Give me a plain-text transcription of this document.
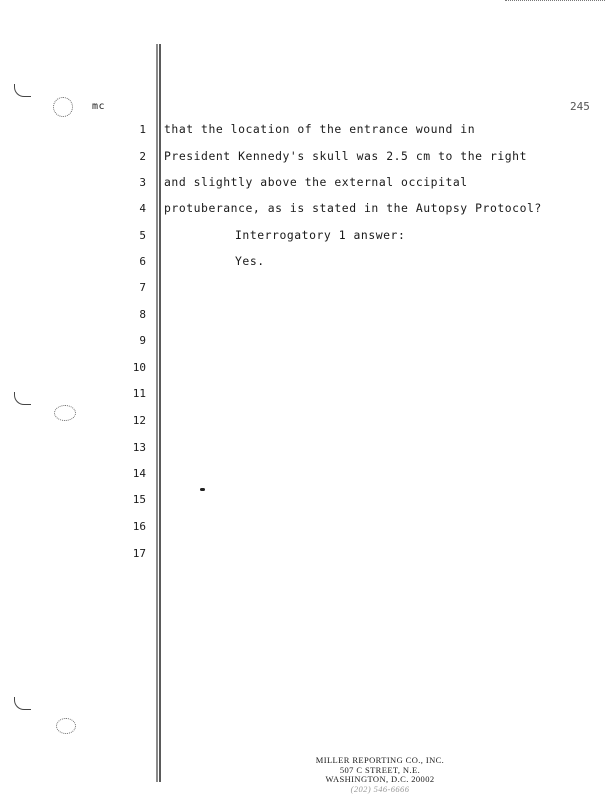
mc	245
1
2
3
4
5
6
7
8
9
10
11
12
13
14
15
16
17
that the location of the entrance wound in
President Kennedy's skull was 2.5 cm to the right
and slightly above the external occipital
protuberance, as is stated in the Autopsy Protocol?
Interrogatory 1 answer:
Yes.
MILLER REPORTING CO., INC.
507 C STREET, N.E.
WASHINGTON, D.C. 20002
(202) 546-6666
